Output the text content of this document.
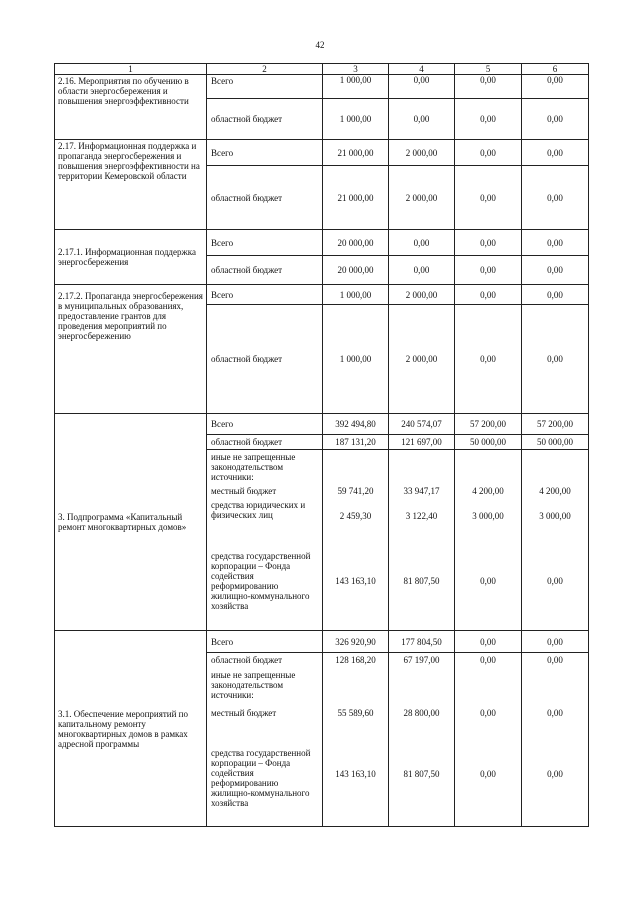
42
1	2	3	4	5	6
2.16. Мероприятия по обучению в области энергосбережения и повышения энергоэффективности	Всего	1 000,00	0,00	0,00	0,00
	областной бюджет	1 000,00	0,00	0,00	0,00
2.17. Информационная поддержка и пропаганда энергосбережения и повышения энергоэффективности на территории Кемеровской области	Всего	21 000,00	2 000,00	0,00	0,00
	областной бюджет	21 000,00	2 000,00	0,00	0,00
2.17.1. Информационная поддержка энергосбережения	Всего	20 000,00	0,00	0,00	0,00
	областной бюджет	20 000,00	0,00	0,00	0,00
2.17.2. Пропаганда энергосбережения в муниципальных образованиях, предоставление грантов для проведения мероприятий по энергосбережению	Всего	1 000,00	2 000,00	0,00	0,00
	областной бюджет	1 000,00	2 000,00	0,00	0,00
3. Подпрограмма «Капитальный ремонт многоквартирных домов»	Всего	392 494,80	240 574,07	57 200,00	57 200,00
	областной бюджет	187 131,20	121 697,00	50 000,00	50 000,00
	иные не запрещенные законодательством источники:				
	местный бюджет	59 741,20	33 947,17	4 200,00	4 200,00
	средства юридических и физических лиц	2 459,30	3 122,40	3 000,00	3 000,00
	средства государственной корпорации – Фонда содействия реформированию жилищно-коммунального хозяйства	143 163,10	81 807,50	0,00	0,00
3.1. Обеспечение мероприятий по капитальному ремонту многоквартирных домов в рамках адресной программы	Всего	326 920,90	177 804,50	0,00	0,00
	областной бюджет	128 168,20	67 197,00	0,00	0,00
	иные не запрещенные законодательством источники:				
	местный бюджет	55 589,60	28 800,00	0,00	0,00
	средства государственной корпорации – Фонда содействия реформированию жилищно-коммунального хозяйства	143 163,10	81 807,50	0,00	0,00
